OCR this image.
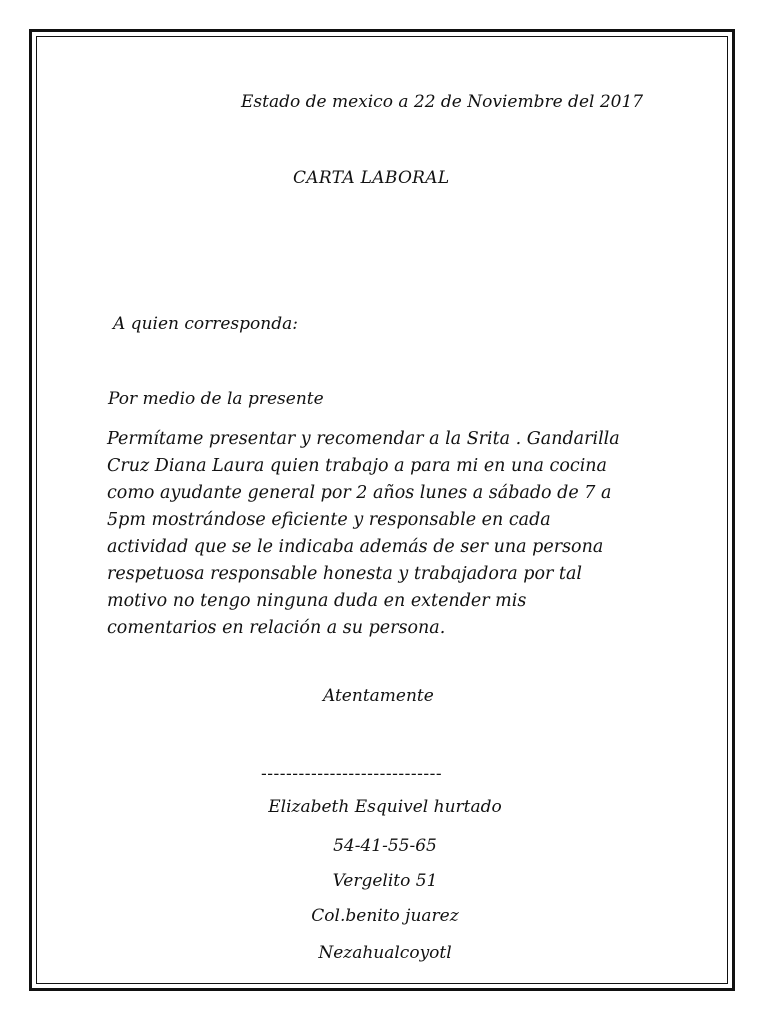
Estado de mexico a 22 de Noviembre del 2017
CARTA LABORAL
A quien corresponda:
Por medio de la presente
Permítame presentar y recomendar a la Srita . Gandarilla
Cruz Diana Laura quien trabajo a para mi en una cocina
como ayudante general por 2 años lunes a sábado de 7 a
5pm mostrándose eficiente y responsable en cada
actividad que se le indicaba además de ser una persona
respetuosa responsable honesta y trabajadora por tal
motivo no tengo ninguna duda en extender mis
comentarios en relación a su persona.
Atentamente
-----------------------------
Elizabeth Esquivel hurtado
54-41-55-65
Vergelito 51
Col.benito juarez
Nezahualcoyotl
